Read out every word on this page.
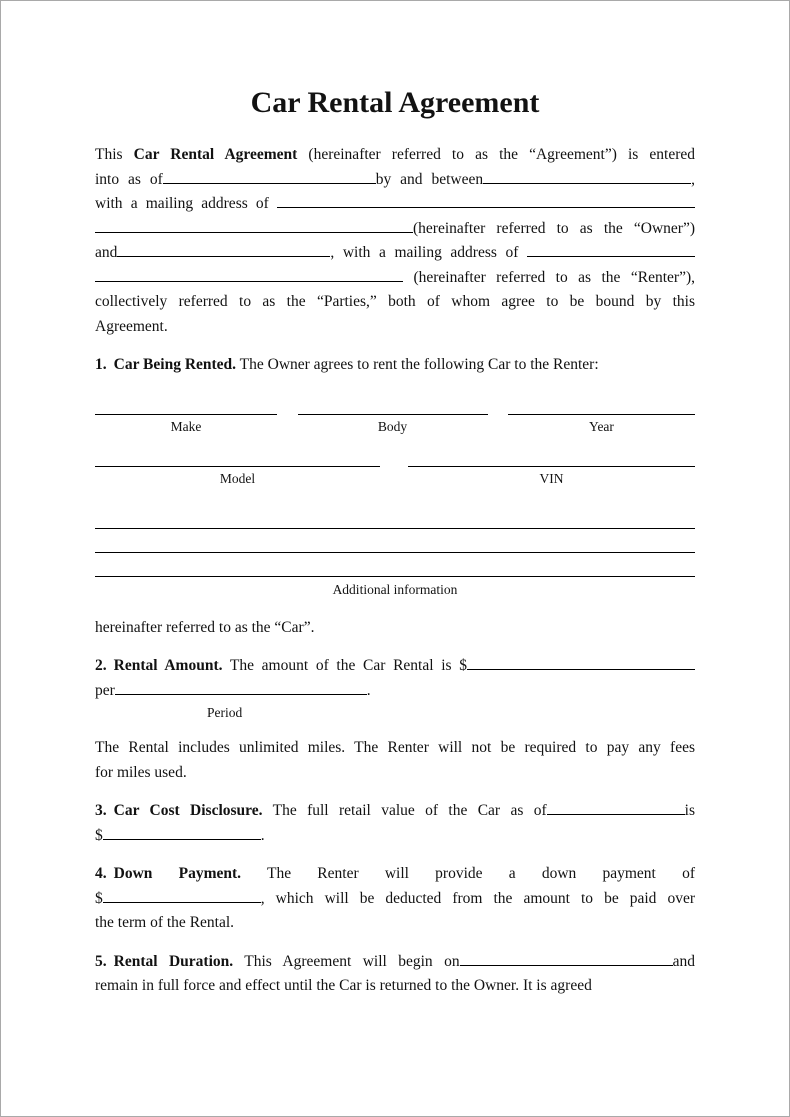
Car Rental Agreement
This Car Rental Agreement (hereinafter referred to as the “Agreement”) is entered
into as of	by and between	,
with a mailing address of
(hereinafter referred to as the “Owner”)
and	, with a mailing address of
(hereinafter referred to as the “Renter”),
collectively referred to as the “Parties,” both of whom agree to be bound by this
Agreement.
1. Car Being Rented. The Owner agrees to rent the following Car to the Renter:
Make	Body	Year
Model	VIN
Additional information
hereinafter referred to as the “Car”.
2. Rental Amount. The amount of the Car Rental is $
per	.
Period
The Rental includes unlimited miles. The Renter will not be required to pay any fees
for miles used.
3. Car Cost Disclosure. The full retail value of the Car as of	is
$	.
4. Down Payment. The Renter will provide a down payment of
$	, which will be deducted from the amount to be paid over
the term of the Rental.
5. Rental Duration. This Agreement will begin on	and
remain in full force and effect until the Car is returned to the Owner. It is agreed
